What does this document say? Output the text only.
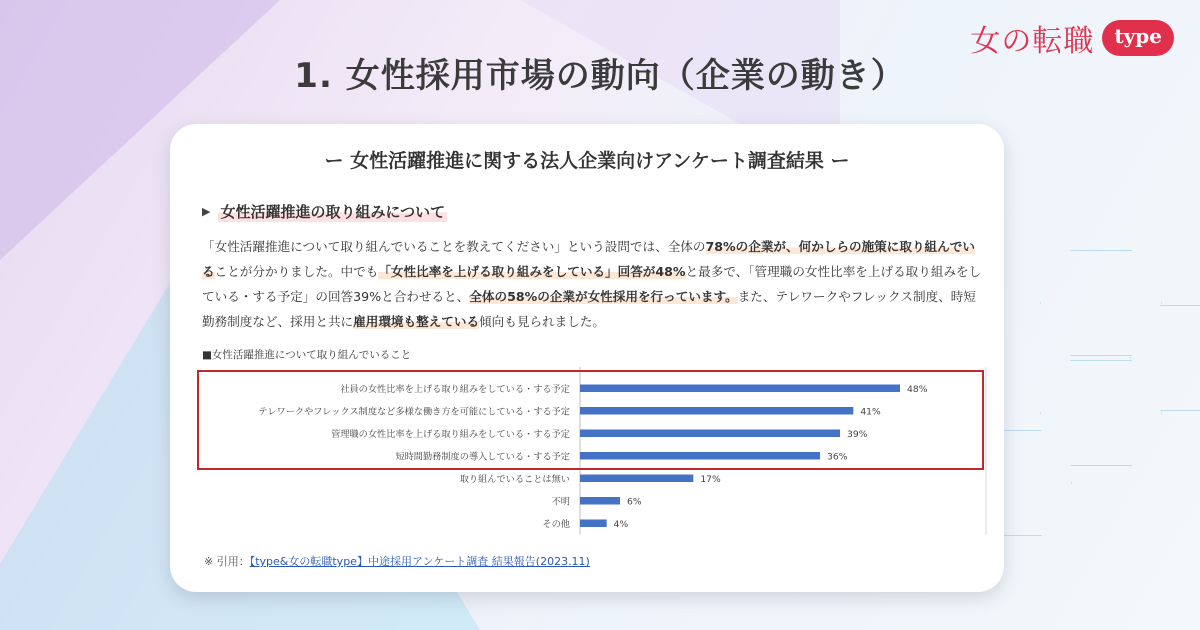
1. 女性採用市場の動向（企業の動き）
女の転職	type
ー 女性活躍推進に関する法人企業向けアンケート調査結果 ー
▶ 女性活躍推進の取り組みについて
「女性活躍推進について取り組んでいることを教えてください」という設問では、全体の78%の企業が、何かしらの施策に取り組んでいることが分かりました。中でも「女性比率を上げる取り組みをしている」回答が48%と最多で、「管理職の女性比率を上げる取り組みをしている・する予定」の回答39%と合わせると、全体の58%の企業が女性採用を行っています。また、テレワークやフレックス制度、時短勤務制度など、採用と共に雇用環境も整えている傾向も見られました。
■女性活躍推進について取り組んでいること
社員の女性比率を上げる取り組みをしている・する予定	48%
テレワークやフレックス制度など多様な働き方を可能にしている・する予定	41%
管理職の女性比率を上げる取り組みをしている・する予定	39%
短時間勤務制度の導入している・する予定	36%
取り組んでいることは無い	17%
不明	6%
その他	4%
※ 引用：【type&女の転職type】中途採用アンケート調査 結果報告(2023.11)
